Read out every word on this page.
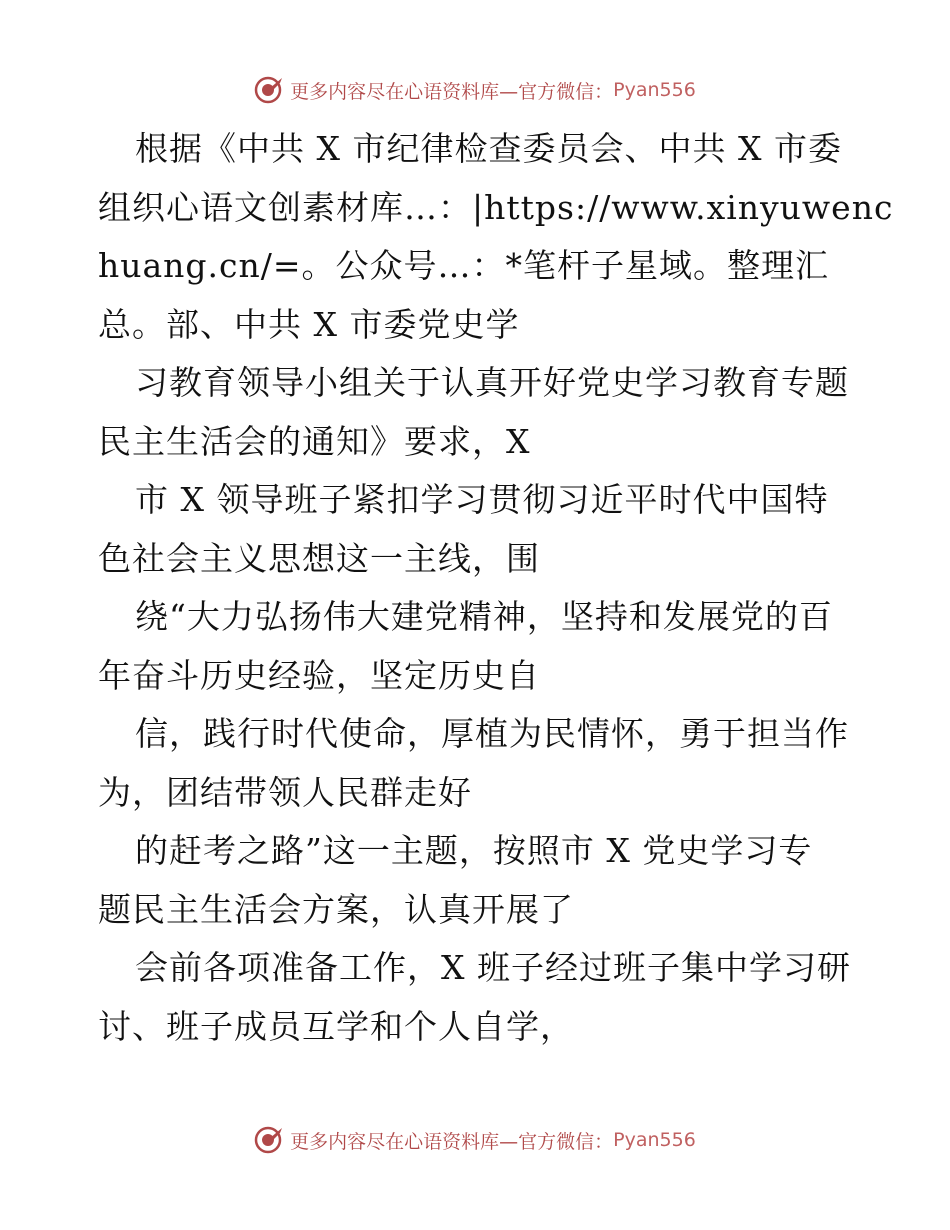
更多内容尽在心语资料库—官方微信： Pyan556
根据《中共 X 市纪律检查委员会、中共 X 市委
组织心语文创素材库…：|https://www.xinyuwenc
huang.cn/=。公众号…：*笔杆子星域。整理汇
总。部、中共 X 市委党史学
习教育领导小组关于认真开好党史学习教育专题
民主生活会的通知》要求，X
市 X 领导班子紧扣学习贯彻习近平时代中国特
色社会主义思想这一主线，围
绕“大力弘扬伟大建党精神，坚持和发展党的百
年奋斗历史经验，坚定历史自
信，践行时代使命，厚植为民情怀，勇于担当作
为，团结带领人民群走好
的赶考之路”这一主题，按照市 X 党史学习专
题民主生活会方案，认真开展了
会前各项准备工作，X 班子经过班子集中学习研
讨、班子成员互学和个人自学，
更多内容尽在心语资料库—官方微信： Pyan556
